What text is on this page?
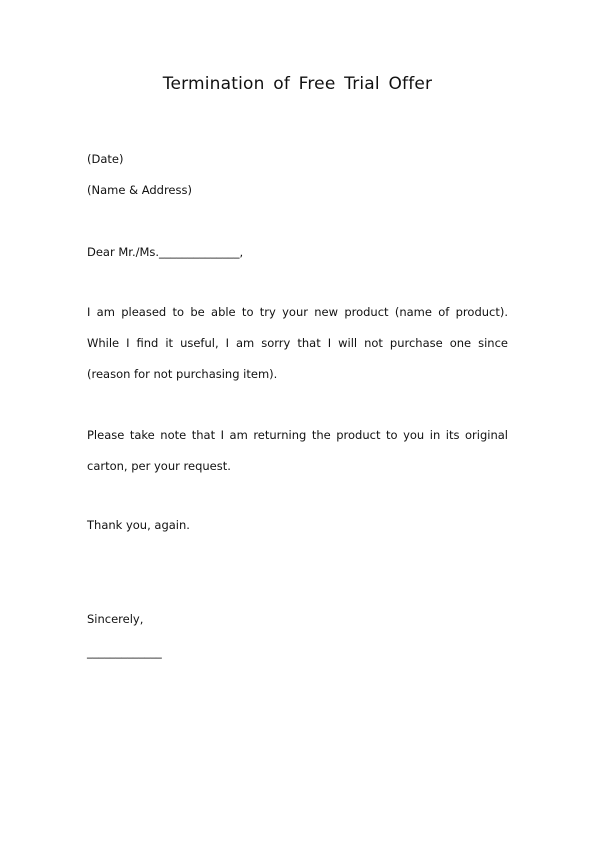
Termination of Free Trial Offer
(Date)
(Name & Address)
Dear Mr./Ms.______________,
I am pleased to be able to try your new product (name of product). While I find it useful, I am sorry that I will not purchase one since (reason for not purchasing item).
Please take note that I am returning the product to you in its original carton, per your request.
Thank you, again.
Sincerely,
_____________
